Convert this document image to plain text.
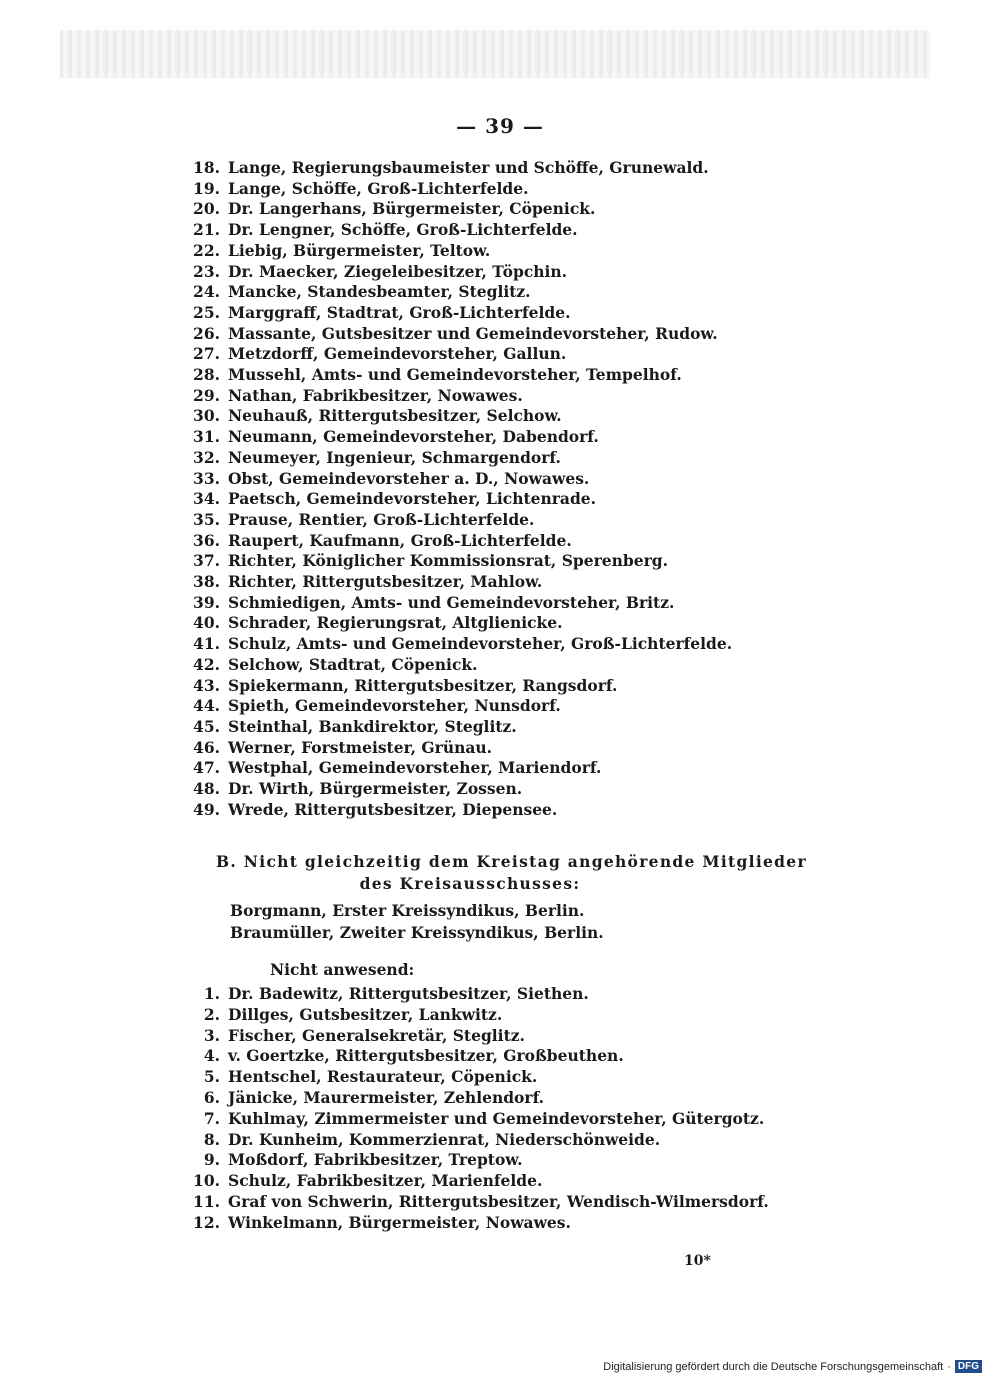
— 39 —
18. Lange, Regierungsbaumeister und Schöffe, Grunewald.
19. Lange, Schöffe, Groß-Lichterfelde.
20. Dr. Langerhans, Bürgermeister, Cöpenick.
21. Dr. Lengner, Schöffe, Groß-Lichterfelde.
22. Liebig, Bürgermeister, Teltow.
23. Dr. Maecker, Ziegeleibesitzer, Töpchin.
24. Mancke, Standesbeamter, Steglitz.
25. Marggraff, Stadtrat, Groß-Lichterfelde.
26. Massante, Gutsbesitzer und Gemeindevorsteher, Rudow.
27. Metzdorff, Gemeindevorsteher, Gallun.
28. Mussehl, Amts- und Gemeindevorsteher, Tempelhof.
29. Nathan, Fabrikbesitzer, Nowawes.
30. Neuhauß, Rittergutsbesitzer, Selchow.
31. Neumann, Gemeindevorsteher, Dabendorf.
32. Neumeyer, Ingenieur, Schmargendorf.
33. Obst, Gemeindevorsteher a. D., Nowawes.
34. Paetsch, Gemeindevorsteher, Lichtenrade.
35. Prause, Rentier, Groß-Lichterfelde.
36. Raupert, Kaufmann, Groß-Lichterfelde.
37. Richter, Königlicher Kommissionsrat, Sperenberg.
38. Richter, Rittergutsbesitzer, Mahlow.
39. Schmiedigen, Amts- und Gemeindevorsteher, Britz.
40. Schrader, Regierungsrat, Altglienicke.
41. Schulz, Amts- und Gemeindevorsteher, Groß-Lichterfelde.
42. Selchow, Stadtrat, Cöpenick.
43. Spiekermann, Rittergutsbesitzer, Rangsdorf.
44. Spieth, Gemeindevorsteher, Nunsdorf.
45. Steinthal, Bankdirektor, Steglitz.
46. Werner, Forstmeister, Grünau.
47. Westphal, Gemeindevorsteher, Mariendorf.
48. Dr. Wirth, Bürgermeister, Zossen.
49. Wrede, Rittergutsbesitzer, Diepensee.
B. Nicht gleichzeitig dem Kreistag angehörende Mitglieder
des Kreisausschusses:
Borgmann, Erster Kreissyndikus, Berlin.
Braumüller, Zweiter Kreissyndikus, Berlin.
Nicht anwesend:
1. Dr. Badewitz, Rittergutsbesitzer, Siethen.
2. Dillges, Gutsbesitzer, Lankwitz.
3. Fischer, Generalsekretär, Steglitz.
4. v. Goertzke, Rittergutsbesitzer, Großbeuthen.
5. Hentschel, Restaurateur, Cöpenick.
6. Jänicke, Maurermeister, Zehlendorf.
7. Kuhlmay, Zimmermeister und Gemeindevorsteher, Gütergotz.
8. Dr. Kunheim, Kommerzienrat, Niederschönweide.
9. Moßdorf, Fabrikbesitzer, Treptow.
10. Schulz, Fabrikbesitzer, Marienfelde.
11. Graf von Schwerin, Rittergutsbesitzer, Wendisch-Wilmersdorf.
12. Winkelmann, Bürgermeister, Nowawes.
10*
Digitalisierung gefördert durch die Deutsche Forschungsgemeinschaft · DFG
